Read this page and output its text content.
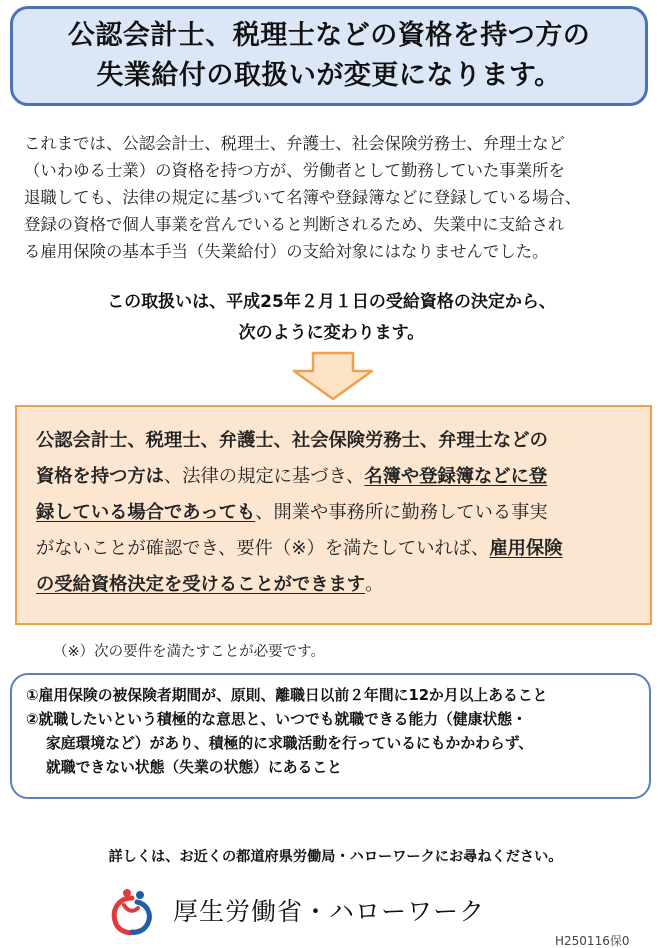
公認会計士、税理士などの資格を持つ方の
失業給付の取扱いが変更になります。
これまでは、公認会計士、税理士、弁護士、社会保険労務士、弁理士など
（いわゆる士業）の資格を持つ方が、労働者として勤務していた事業所を
退職しても、法律の規定に基づいて名簿や登録簿などに登録している場合、
登録の資格で個人事業を営んでいると判断されるため、失業中に支給され
る雇用保険の基本手当（失業給付）の支給対象にはなりませんでした。
この取扱いは、平成25年２月１日の受給資格の決定から、
次のように変わります。
公認会計士、税理士、弁護士、社会保険労務士、弁理士などの
資格を持つ方は、法律の規定に基づき、名簿や登録簿などに登
録している場合であっても、開業や事務所に勤務している事実
がないことが確認でき、要件（※）を満たしていれば、雇用保険
の受給資格決定を受けることができます。
（※）次の要件を満たすことが必要です。
①雇用保険の被保険者期間が、原則、離職日以前２年間に12か月以上あること
②就職したいという積極的な意思と、いつでも就職できる能力（健康状態・
家庭環境など）があり、積極的に求職活動を行っているにもかかわらず、
就職できない状態（失業の状態）にあること
詳しくは、お近くの都道府県労働局・ハローワークにお尋ねください。
厚生労働省・ハローワーク
H250116保0
